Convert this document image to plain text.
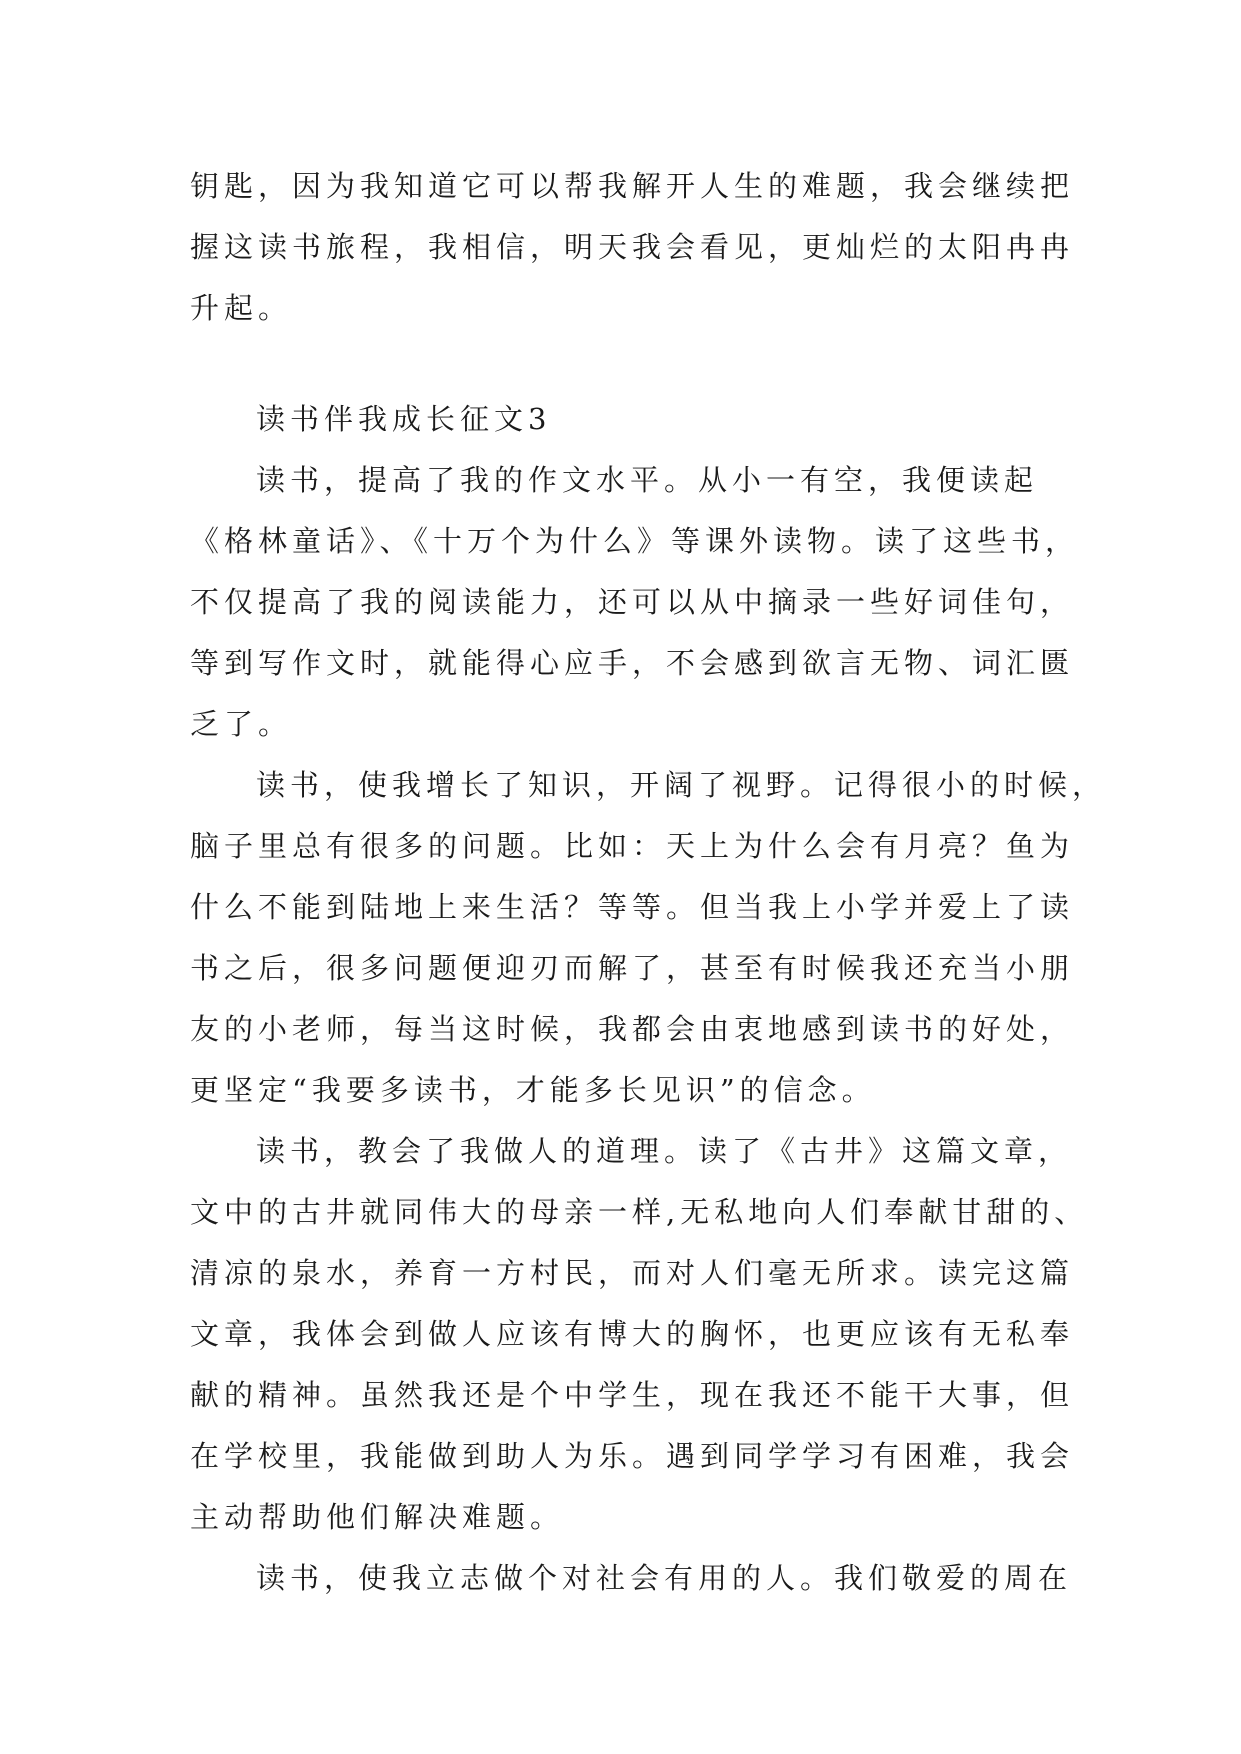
钥匙，因为我知道它可以帮我解开人生的难题，我会继续把
握这读书旅程，我相信，明天我会看见，更灿烂的太阳冉冉
升起。
读书伴我成长征文3
读书，提高了我的作文水平。从小一有空，我便读起
《格林童话》、《十万个为什么》等课外读物。读了这些书，
不仅提高了我的阅读能力，还可以从中摘录一些好词佳句，
等到写作文时，就能得心应手，不会感到欲言无物、词汇匮
乏了。
读书，使我增长了知识，开阔了视野。记得很小的时候，
脑子里总有很多的问题。比如：天上为什么会有月亮？鱼为
什么不能到陆地上来生活？等等。但当我上小学并爱上了读
书之后，很多问题便迎刃而解了，甚至有时候我还充当小朋
友的小老师，每当这时候，我都会由衷地感到读书的好处，
更坚定“我要多读书，才能多长见识”的信念。
读书，教会了我做人的道理。读了《古井》这篇文章，
文中的古井就同伟大的母亲一样,无私地向人们奉献甘甜的、
清凉的泉水，养育一方村民，而对人们毫无所求。读完这篇
文章，我体会到做人应该有博大的胸怀，也更应该有无私奉
献的精神。虽然我还是个中学生，现在我还不能干大事，但
在学校里，我能做到助人为乐。遇到同学学习有困难，我会
主动帮助他们解决难题。
读书，使我立志做个对社会有用的人。我们敬爱的周在
